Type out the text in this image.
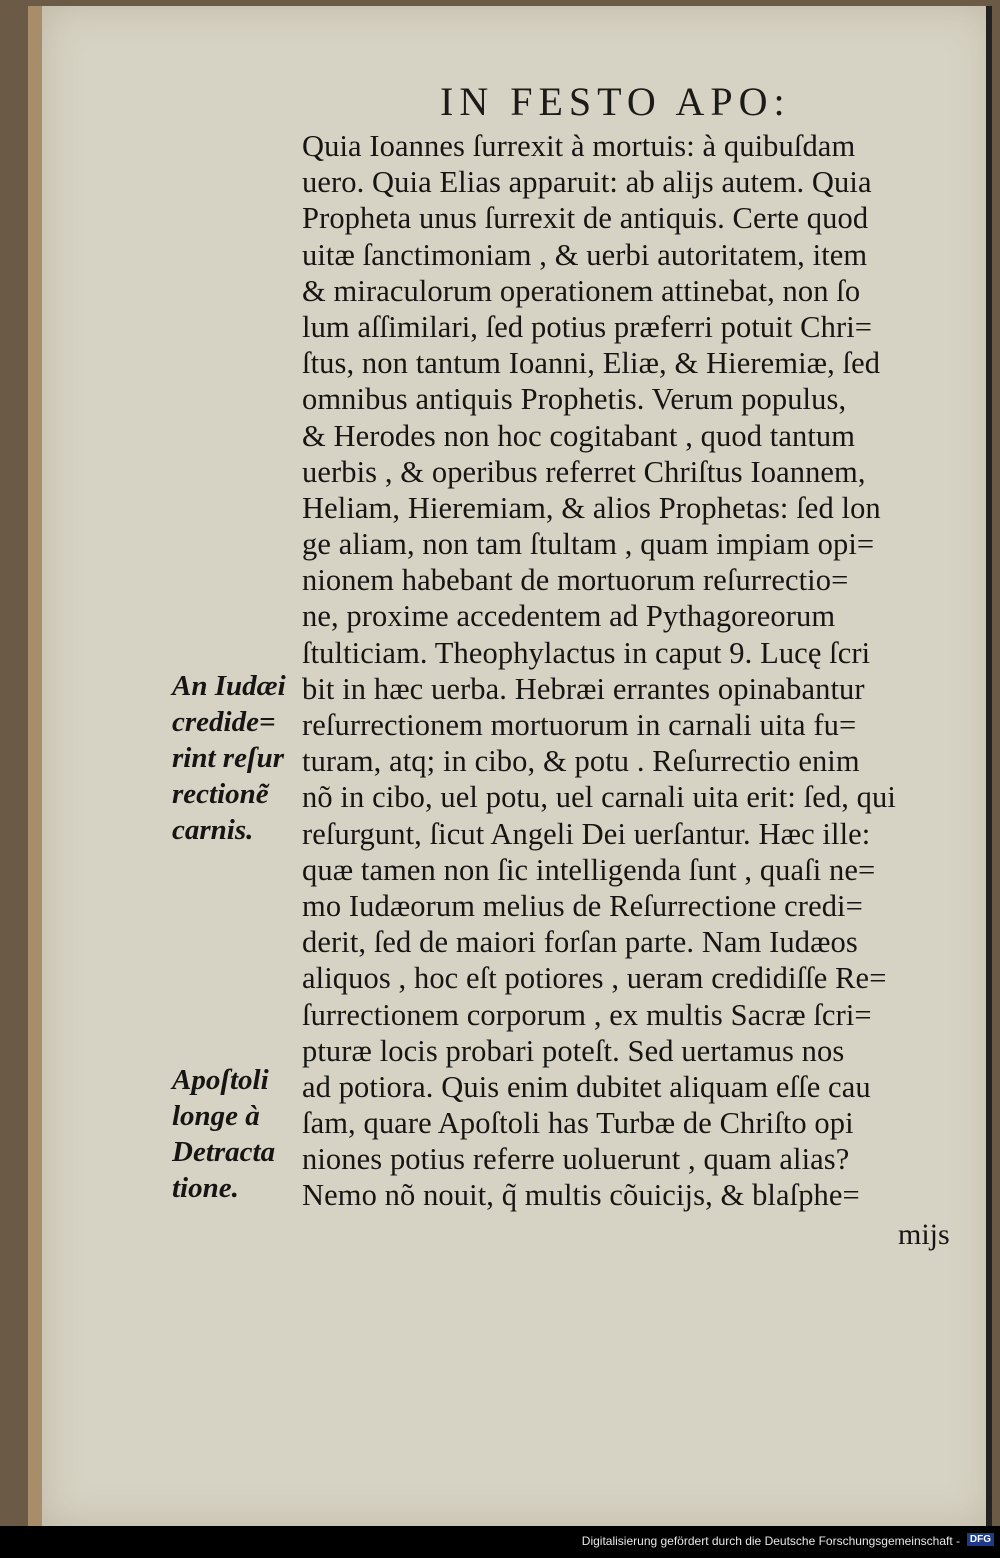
IN FESTO APO:
Quia Ioannes ſurrexit à mortuis: à quibuſdam
uero. Quia Elias apparuit: ab alijs autem. Quia
Propheta unus ſurrexit de antiquis. Certe quod
uitæ ſanctimoniam , & uerbi autoritatem, item
& miraculorum operationem attinebat, non ſo
lum aſſimilari, ſed potius præferri potuit Chri=
ſtus, non tantum Ioanni, Eliæ, & Hieremiæ, ſed
omnibus antiquis Prophetis. Verum populus,
& Herodes non hoc cogitabant , quod tantum
uerbis , & operibus referret Chriſtus Ioannem,
Heliam, Hieremiam, & alios Prophetas: ſed lon
ge aliam, non tam ſtultam , quam impiam opi=
nionem habebant de mortuorum reſurrectio=
ne, proxime accedentem ad Pythagoreorum
ſtulticiam. Theophylactus in caput 9. Lucę ſcri
bit in hæc uerba. Hebræi errantes opinabantur
reſurrectionem mortuorum in carnali uita fu=
turam, atq; in cibo, & potu . Reſurrectio enim
nõ in cibo, uel potu, uel carnali uita erit: ſed, qui
reſurgunt, ſicut Angeli Dei uerſantur. Hæc ille:
quæ tamen non ſic intelligenda ſunt , quaſi ne=
mo Iudæorum melius de Reſurrectione credi=
derit, ſed de maiori forſan parte. Nam Iudæos
aliquos , hoc eſt potiores , ueram credidiſſe Re=
ſurrectionem corporum , ex multis Sacræ ſcri=
pturæ locis probari poteſt. Sed uertamus nos
ad potiora. Quis enim dubitet aliquam eſſe cau
ſam, quare Apoſtoli has Turbæ de Chriſto opi
niones potius referre uoluerunt , quam alias?
Nemo nõ nouit, q̃ multis cõuicijs, & blaſphe=
mijs
An Iudæi
credide=
rint reſur
rectionẽ
carnis.
Apoſtoli
longe à
Detracta
tione.
Digitalisierung gefördert durch die Deutsche Forschungsgemeinschaft - DFG
